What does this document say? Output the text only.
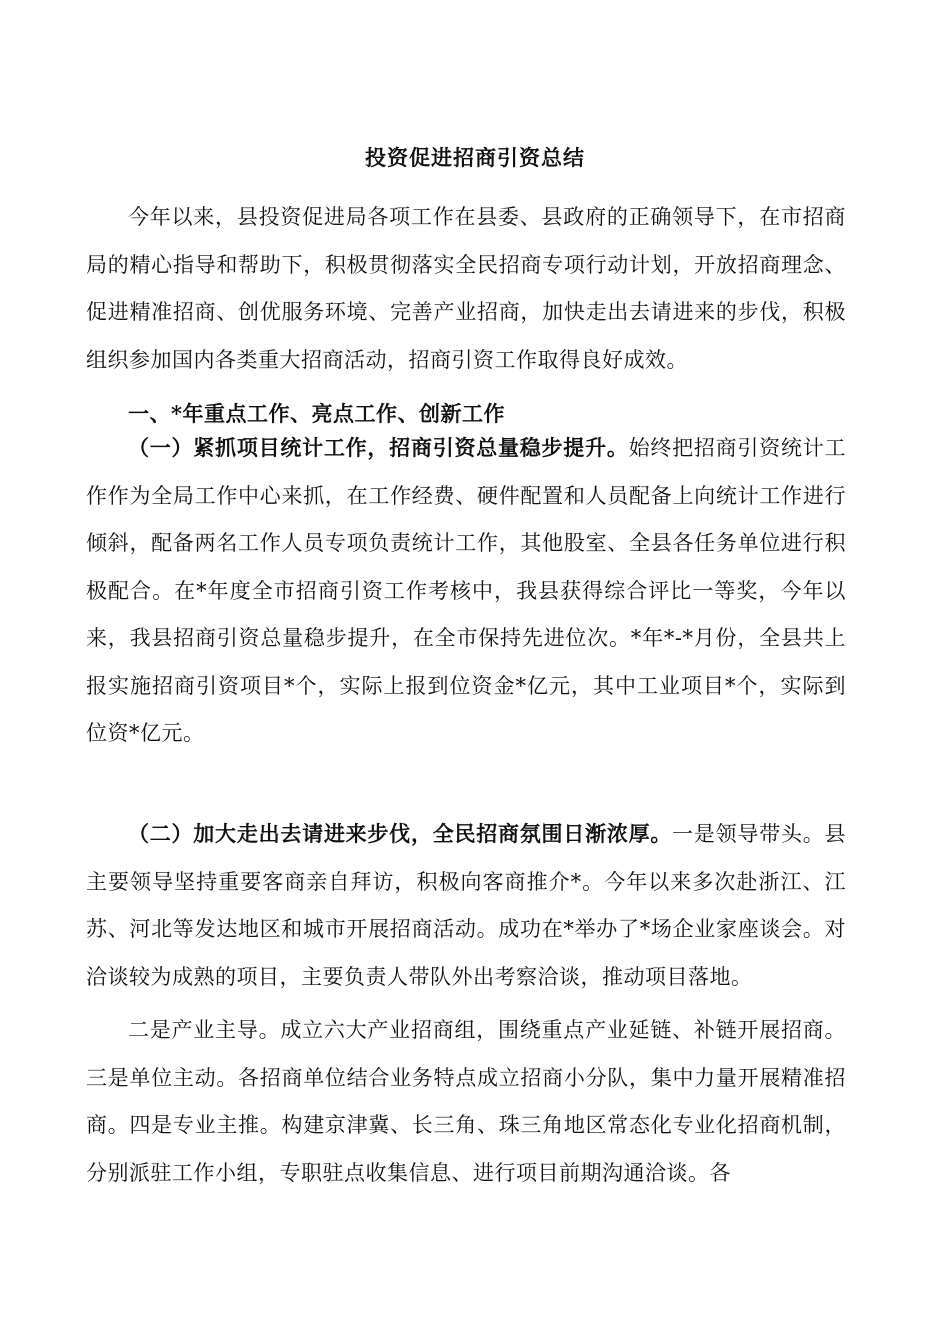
投资促进招商引资总结
今年以来，县投资促进局各项工作在县委、县政府的正确领导下，在市招商局的精心指导和帮助下，积极贯彻落实全民招商专项行动计划，开放招商理念、促进精准招商、创优服务环境、完善产业招商，加快走出去请进来的步伐，积极组织参加国内各类重大招商活动，招商引资工作取得良好成效。
一、*年重点工作、亮点工作、创新工作
（一）紧抓项目统计工作，招商引资总量稳步提升。始终把招商引资统计工作作为全局工作中心来抓，在工作经费、硬件配置和人员配备上向统计工作进行倾斜，配备两名工作人员专项负责统计工作，其他股室、全县各任务单位进行积极配合。在*年度全市招商引资工作考核中，我县获得综合评比一等奖，今年以来，我县招商引资总量稳步提升，在全市保持先进位次。*年*-*月份，全县共上报实施招商引资项目*个，实际上报到位资金*亿元，其中工业项目*个，实际到位资*亿元。
（二）加大走出去请进来步伐，全民招商氛围日渐浓厚。一是领导带头。县主要领导坚持重要客商亲自拜访，积极向客商推介*。今年以来多次赴浙江、江苏、河北等发达地区和城市开展招商活动。成功在*举办了*场企业家座谈会。对洽谈较为成熟的项目，主要负责人带队外出考察洽谈，推动项目落地。
二是产业主导。成立六大产业招商组，围绕重点产业延链、补链开展招商。三是单位主动。各招商单位结合业务特点成立招商小分队，集中力量开展精准招商。四是专业主推。构建京津冀、长三角、珠三角地区常态化专业化招商机制，分别派驻工作小组，专职驻点收集信息、进行项目前期沟通洽谈。各
